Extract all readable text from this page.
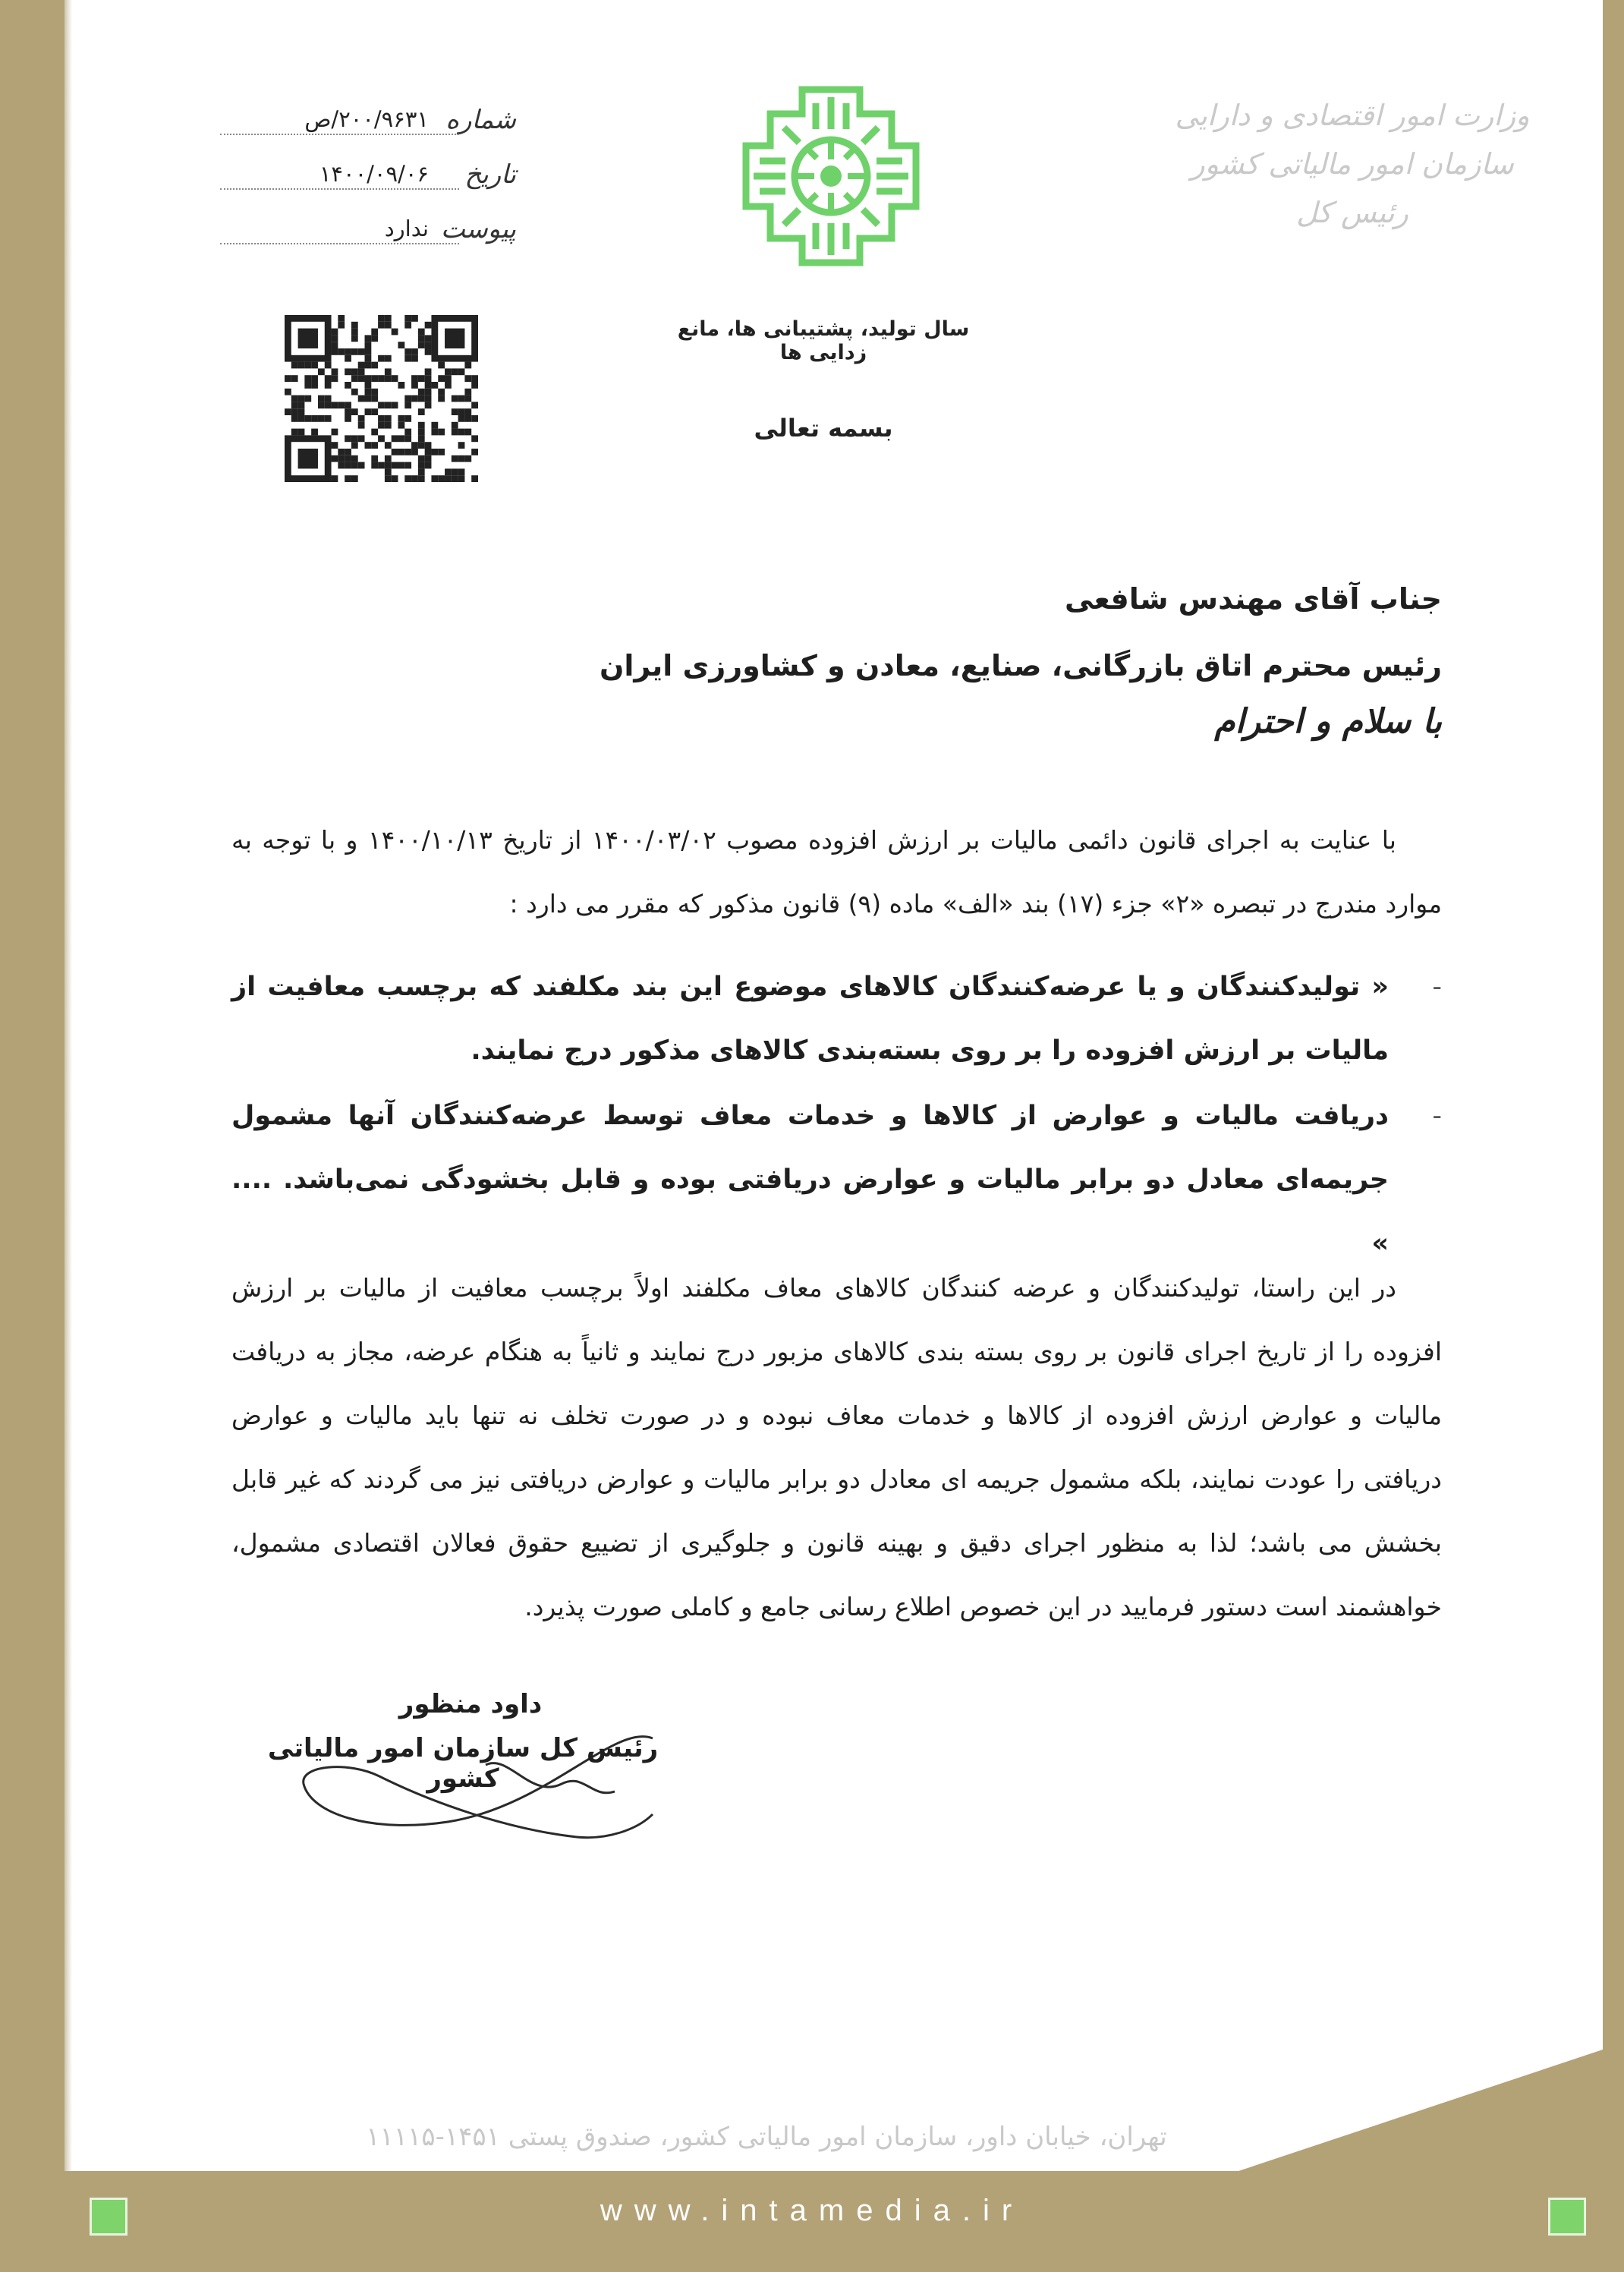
وزارت امور اقتصادی و دارایی
سازمان امور مالیاتی کشور
رئیس کل
شماره
۲۰۰/۹۶۳۱/ص
تاریخ
۱۴۰۰/۰۹/۰۶
پیوست
ندارد
سال تولید، پشتیبانی ها، مانع زدایی ها
بسمه تعالی
جناب آقای مهندس شافعی
رئیس محترم اتاق بازرگانی، صنایع، معادن و کشاورزی ایران
با سلام و احترام
با عنایت به اجرای قانون دائمی مالیات بر ارزش افزوده مصوب ۱۴۰۰/۰۳/۰۲ از تاریخ ۱۴۰۰/۱۰/۱۳ و با توجه به موارد مندرج در تبصره «۲» جزء (۱۷) بند «الف» ماده (۹) قانون مذکور که مقرر می دارد :
-
« تولیدکنندگان و یا عرضه‌کنندگان کالاهای موضوع این بند مکلفند که برچسب معافیت از مالیات بر ارزش افزوده را بر روی بسته‌بندی کالاهای مذکور درج نمایند.
-
دریافت مالیات و عوارض از کالاها و خدمات معاف توسط عرضه‌کنندگان آنها مشمول جریمه‌ای معادل دو برابر مالیات و عوارض دریافتی بوده و قابل بخشودگی نمی‌باشد. .... »
در این راستا، تولیدکنندگان و عرضه کنندگان کالاهای معاف مکلفند اولاً برچسب معافیت از مالیات بر ارزش افزوده را از تاریخ اجرای قانون بر روی بسته بندی کالاهای مزبور درج نمایند و ثانیاً به هنگام عرضه، مجاز به دریافت مالیات و عوارض ارزش افزوده از کالاها و خدمات معاف نبوده و در صورت تخلف نه تنها باید مالیات و عوارض دریافتی را عودت نمایند، بلکه مشمول جریمه ای معادل دو برابر مالیات و عوارض دریافتی نیز می گردند که غیر قابل بخشش می باشد؛ لذا به منظور اجرای دقیق و بهینه قانون و جلوگیری از تضییع حقوق فعالان اقتصادی مشمول، خواهشمند است دستور فرمایید در این خصوص اطلاع رسانی جامع و کاملی صورت پذیرد.
داود منظور
رئیس کل سازمان امور مالیاتی کشور
تهران، خیابان داور، سازمان امور مالیاتی کشور، صندوق پستی ۱۴۵۱-۱۱۱۱۵
www.intamedia.ir
